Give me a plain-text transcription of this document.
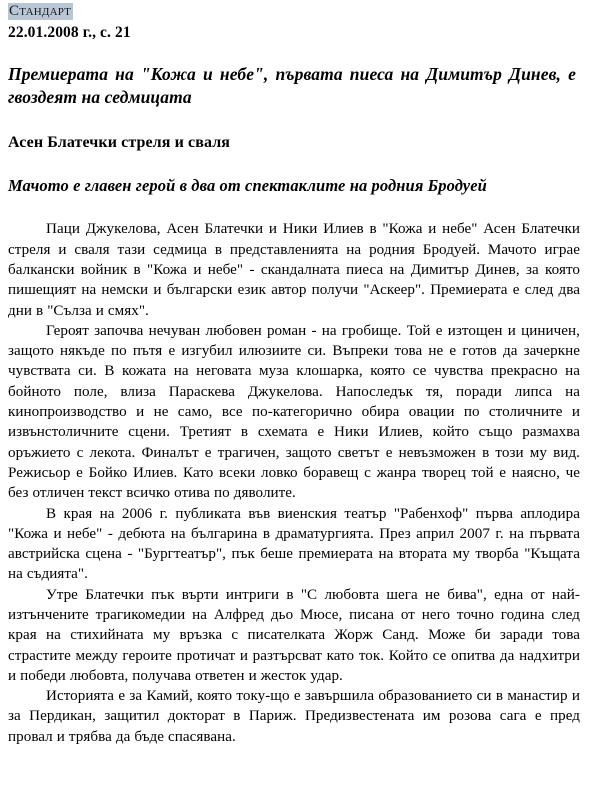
Стандарт
22.01.2008 г., с. 21
Премиерата на "Кожа и небе", първата пиеса на Димитър Динев, е гвоздеят на седмицата
Асен Блатечки стреля и сваля
Мачото е главен герой в два от спектаклите на родния Бродуей

Паци Джукелова, Асен Блатечки и Ники Илиев в "Кожа и небе" Асен Блатечки стреля и сваля тази седмица в представленията на родния Бродуей. Мачото играе балкански войник в "Кожа и небе" - скандалната пиеса на Димитър Динев, за която пишещият на немски и български език автор получи "Аскеер". Премиерата е след два дни в "Сълза и смях".

Героят започва нечуван любовен роман - на гробище. Той е изтощен и циничен, защото някъде по пътя е изгубил илюзиите си. Въпреки това не е готов да зачеркне чувствата си. В кожата на неговата муза клошарка, която се чувства прекрасно на бойното поле, влиза Параскева Джукелова. Напоследък тя, поради липса на кинопроизводство и не само, все по-категорично обира овации по столичните и извънстоличните сцени. Третият в схемата е Ники Илиев, който също размахва оръжието с лекота. Финалът е трагичен, защото светът е невъзможен в този му вид. Режисьор е Бойко Илиев. Като всеки ловко боравещ с жанра творец той е наясно, че без отличен текст всичко отива по дяволите.

В края на 2006 г. публиката във виенския театър "Рабенхоф" първа аплодира "Кожа и небе" - дебюта на българина в драматургията. През април 2007 г. на първата австрийска сцена - "Бургтеатър", пък беше премиерата на втората му творба "Къщата на съдията".

Утре Блатечки пък върти интриги в "С любовта шега не бива", една от най-изтънчените трагикомедии на Алфред дьо Мюсе, писана от него точно година след края на стихийната му връзка с писателката Жорж Санд. Може би заради това страстите между героите протичат и разтърсват като ток. Който се опитва да надхитри и победи любовта, получава ответен и жесток удар.

Историята е за Камий, която току-що е завършила образованието си в манастир и за Пердикан, защитил докторат в Париж. Предизвестената им розова сага е пред провал и трябва да бъде спасявана.
